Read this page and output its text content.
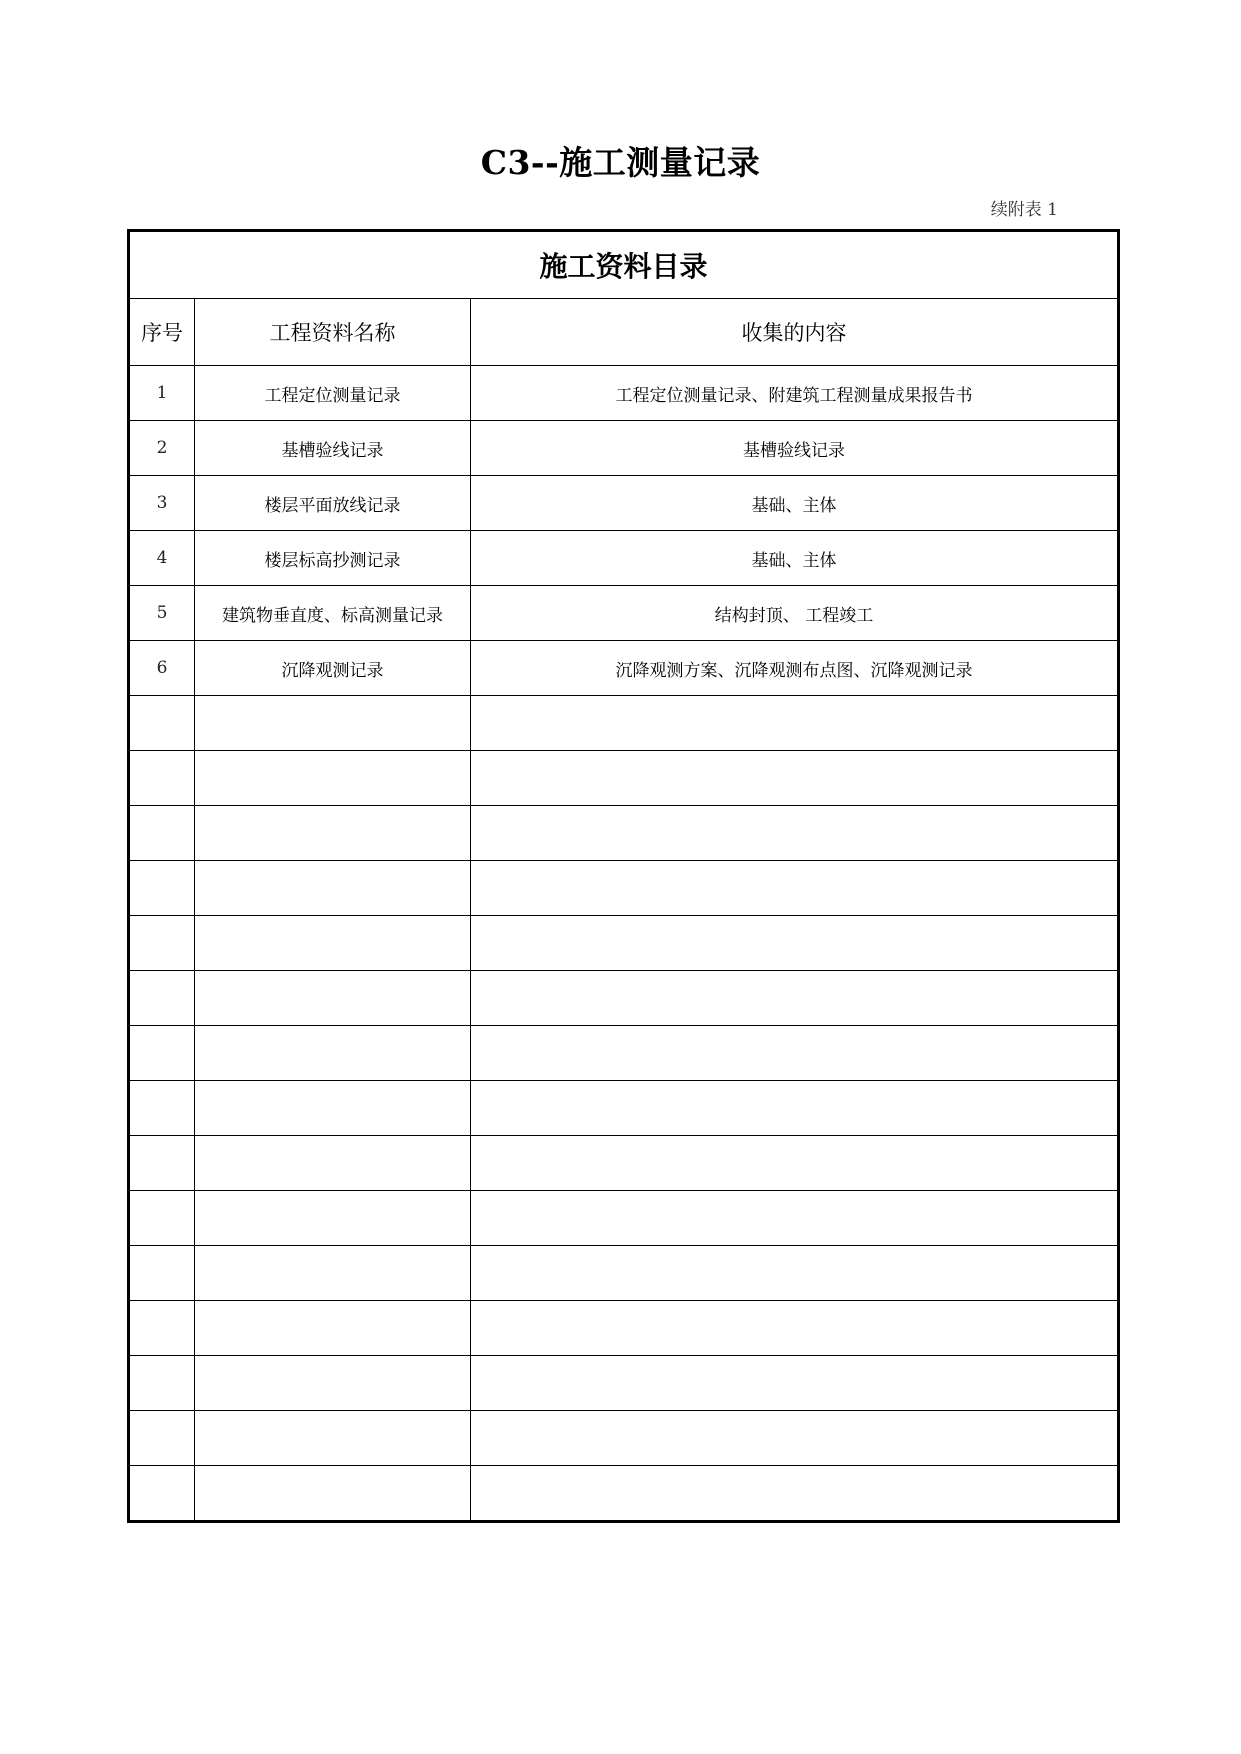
C3--施工测量记录
续附表 1
施工资料目录		
序号	工程资料名称	收集的内容
1	工程定位测量记录	工程定位测量记录、附建筑工程测量成果报告书
2	基槽验线记录	基槽验线记录
3	楼层平面放线记录	基础、主体
4	楼层标高抄测记录	基础、主体
5	建筑物垂直度、标高测量记录	结构封顶、 工程竣工
6	沉降观测记录	沉降观测方案、沉降观测布点图、沉降观测记录
